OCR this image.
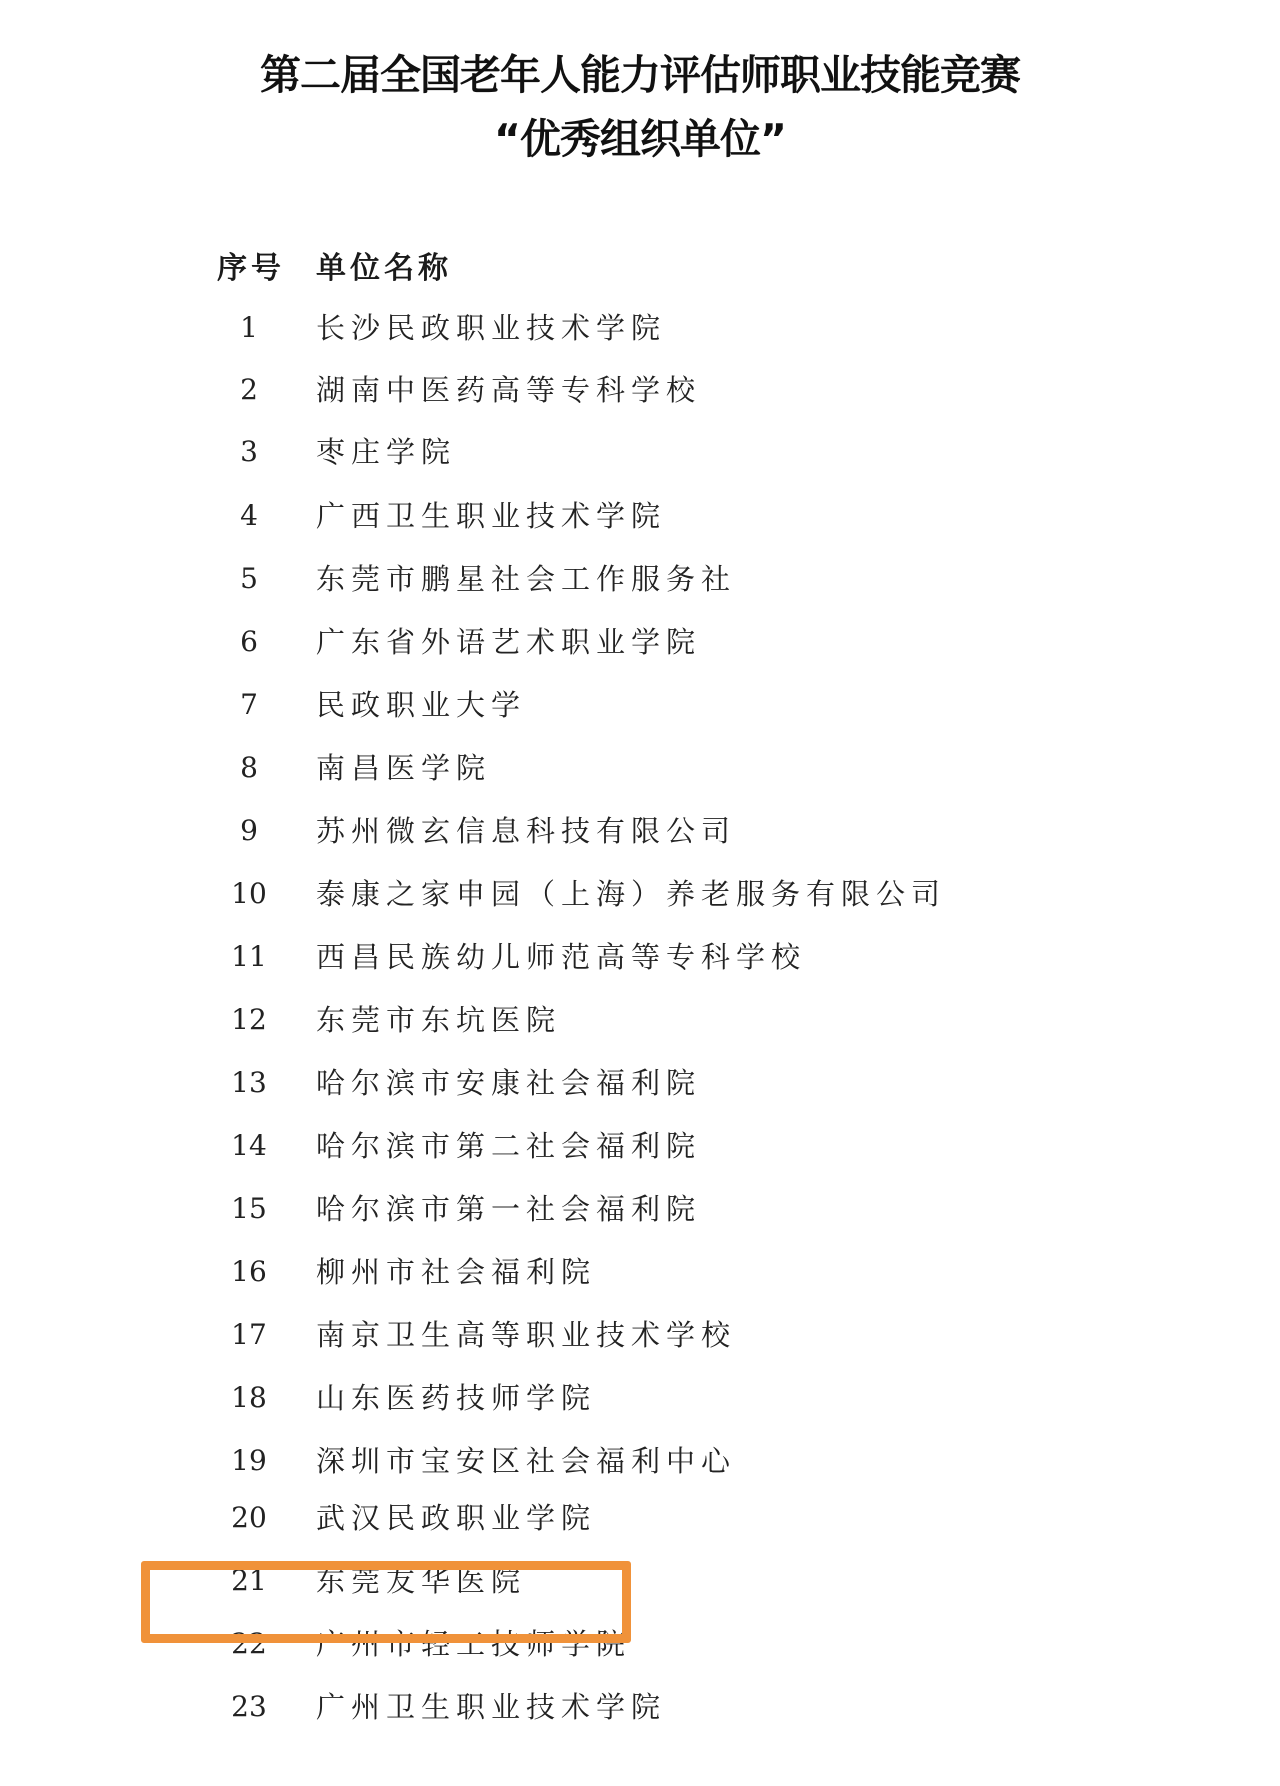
第二届全国老年人能力评估师职业技能竞赛
“优秀组织单位”
序号 单位名称
1	长沙民政职业技术学院
2	湖南中医药高等专科学校
3	枣庄学院
4	广西卫生职业技术学院
5	东莞市鹏星社会工作服务社
6	广东省外语艺术职业学院
7	民政职业大学
8	南昌医学院
9	苏州微玄信息科技有限公司
10	泰康之家申园（上海）养老服务有限公司
11	西昌民族幼儿师范高等专科学校
12	东莞市东坑医院
13	哈尔滨市安康社会福利院
14	哈尔滨市第二社会福利院
15	哈尔滨市第一社会福利院
16	柳州市社会福利院
17	南京卫生高等职业技术学校
18	山东医药技师学院
19	深圳市宝安区社会福利中心
20	武汉民政职业学院
21	东莞友华医院
22	广州市轻工技师学院
23	广州卫生职业技术学院
